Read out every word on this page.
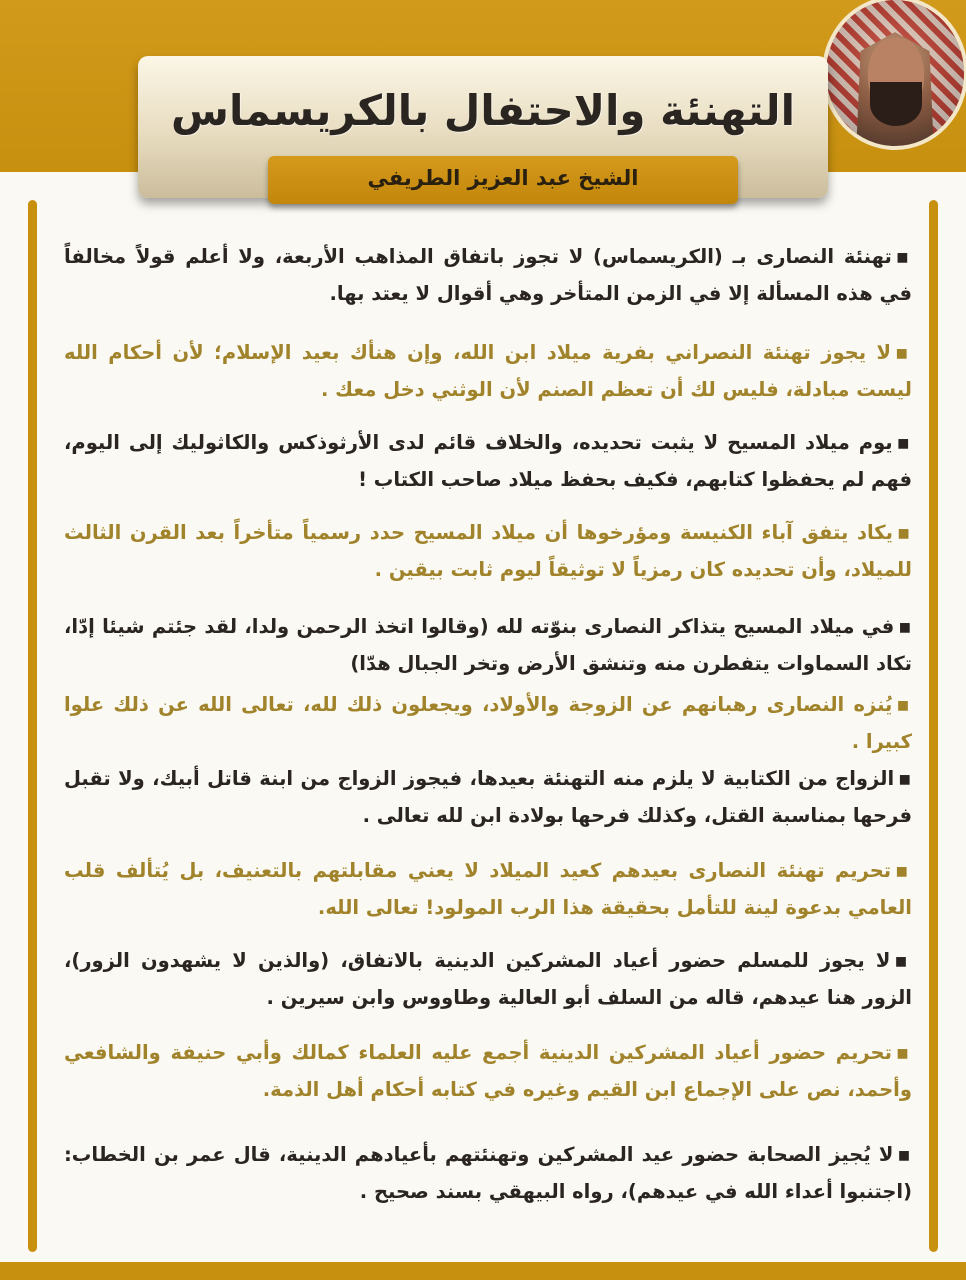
التهنئة والاحتفال بالكريسماس
الشيخ عبد العزيز الطريفي
▪تهنئة النصارى بـ (الكريسماس) لا تجوز باتفاق المذاهب الأربعة، ولا أعلم قولاً مخالفاً في هذه المسألة إلا في الزمن المتأخر وهي أقوال لا يعتد بها.
▪لا يجوز تهنئة النصراني بفرية ميلاد ابن الله، وإن هنأك بعيد الإسلام؛ لأن أحكام الله ليست مبادلة، فليس لك أن تعظم الصنم لأن الوثني دخل معك .
▪يوم ميلاد المسيح لا يثبت تحديده، والخلاف قائم لدى الأرثوذكس والكاثوليك إلى اليوم، فهم لم يحفظوا كتابهم، فكيف بحفظ ميلاد صاحب الكتاب !
▪يكاد يتفق آباء الكنيسة ومؤرخوها أن ميلاد المسيح حدد رسمياً متأخراً بعد القرن الثالث للميلاد، وأن تحديده كان رمزياً لا توثيقاً ليوم ثابت بيقين .
▪في ميلاد المسيح يتذاكر النصارى بنوّته لله (وقالوا اتخذ الرحمن ولدا، لقد جئتم شيئا إدّا، تكاد السماوات يتفطرن منه وتنشق الأرض وتخر الجبال هدّا)
▪يُنزه النصارى رهبانهم عن الزوجة والأولاد، ويجعلون ذلك لله، تعالى الله عن ذلك علوا كبيرا .
▪الزواج من الكتابية لا يلزم منه التهنئة بعيدها، فيجوز الزواج من ابنة قاتل أبيك، ولا تقبل فرحها بمناسبة القتل، وكذلك فرحها بولادة ابن لله تعالى .
▪تحريم تهنئة النصارى بعيدهم كعيد الميلاد لا يعني مقابلتهم بالتعنيف، بل يُتألف قلب العامي بدعوة لينة للتأمل بحقيقة هذا الرب المولود! تعالى الله.
▪لا يجوز للمسلم حضور أعياد المشركين الدينية بالاتفاق، (والذين لا يشهدون الزور)، الزور هنا عيدهم، قاله من السلف أبو العالية وطاووس وابن سيرين .
▪تحريم حضور أعياد المشركين الدينية أجمع عليه العلماء كمالك وأبي حنيفة والشافعي وأحمد، نص على الإجماع ابن القيم وغيره في كتابه أحكام أهل الذمة.
▪لا يُجيز الصحابة حضور عيد المشركين وتهنئتهم بأعيادهم الدينية، قال عمر بن الخطاب: (اجتنبوا أعداء الله في عيدهم)، رواه البيهقي بسند صحيح .
